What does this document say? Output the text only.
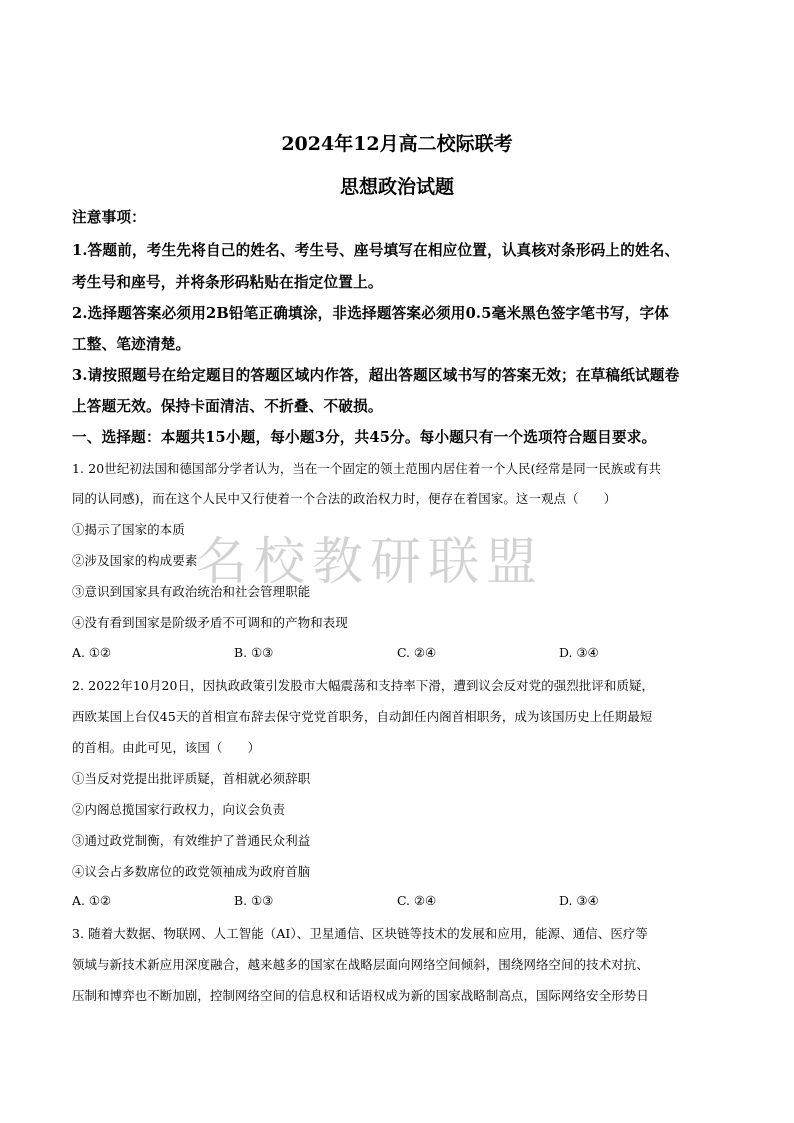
名校教研联盟
2024年12月高二校际联考
思想政治试题
注意事项：
1.答题前，考生先将自己的姓名、考生号、座号填写在相应位置，认真核对条形码上的姓名、
考生号和座号，并将条形码粘贴在指定位置上。
2.选择题答案必须用2B铅笔正确填涂，非选择题答案必须用0.5毫米黑色签字笔书写，字体
工整、笔迹清楚。
3.请按照题号在给定题目的答题区域内作答，超出答题区域书写的答案无效；在草稿纸试题卷
上答题无效。保持卡面清洁、不折叠、不破损。
一、选择题：本题共15小题，每小题3分，共45分。每小题只有一个选项符合题目要求。
1. 20世纪初法国和德国部分学者认为，当在一个固定的领土范围内居住着一个人民(经常是同一民族或有共
同的认同感)，而在这个人民中又行使着一个合法的政治权力时，便存在着国家。这一观点（　　）
①揭示了国家的本质
②涉及国家的构成要素
③意识到国家具有政治统治和社会管理职能
④没有看到国家是阶级矛盾不可调和的产物和表现
A. ①②	B. ①③	C. ②④	D. ③④
2. 2022年10月20日，因执政政策引发股市大幅震荡和支持率下滑，遭到议会反对党的强烈批评和质疑，
西欧某国上台仅45天的首相宣布辞去保守党党首职务，自动卸任内阁首相职务，成为该国历史上任期最短
的首相。由此可见，该国（　　）
①当反对党提出批评质疑，首相就必须辞职
②内阁总揽国家行政权力，向议会负责
③通过政党制衡，有效维护了普通民众利益
④议会占多数席位的政党领袖成为政府首脑
A. ①②	B. ①③	C. ②④	D. ③④
3. 随着大数据、物联网、人工智能（AI）、卫星通信、区块链等技术的发展和应用，能源、通信、医疗等
领域与新技术新应用深度融合，越来越多的国家在战略层面向网络空间倾斜，围绕网络空间的技术对抗、
压制和博弈也不断加剧，控制网络空间的信息权和话语权成为新的国家战略制高点，国际网络安全形势日
